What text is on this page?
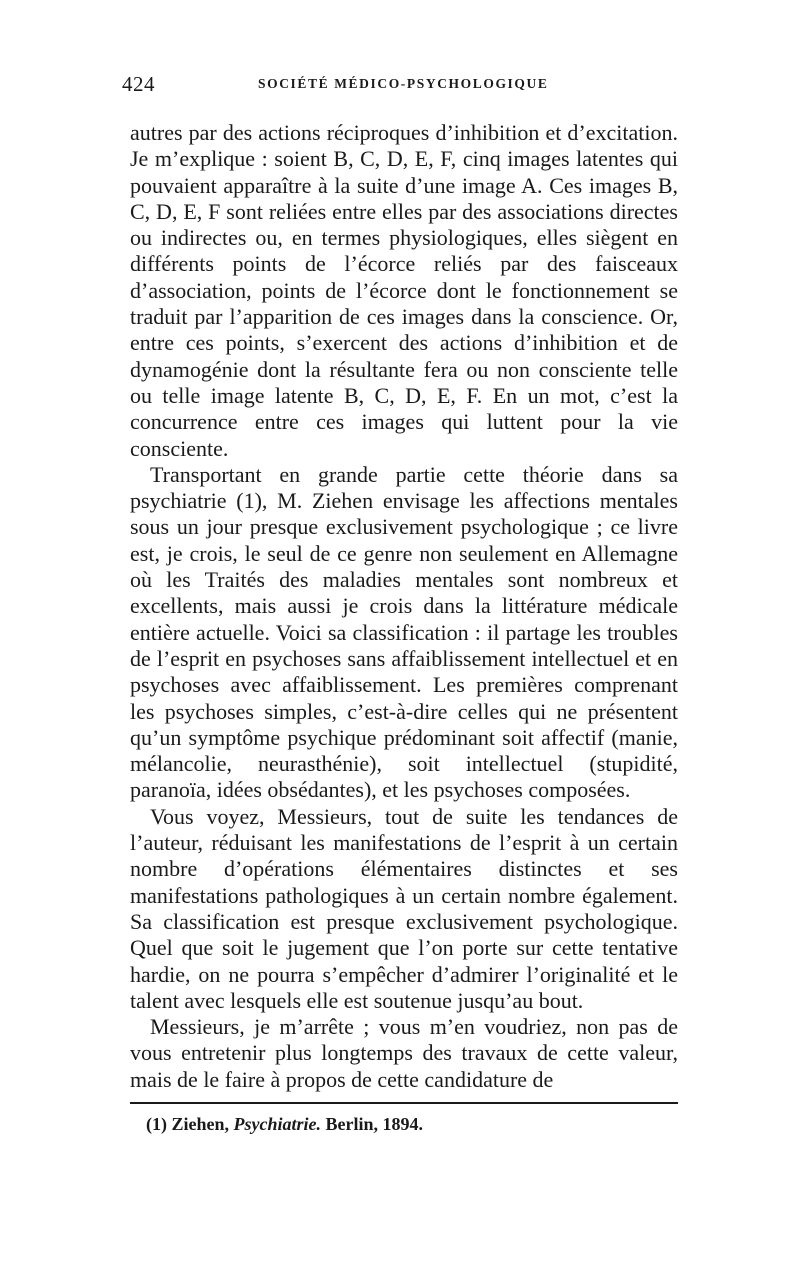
424	SOCIÉTÉ MÉDICO-PSYCHOLOGIQUE

autres par des actions réciproques d’inhibition et d’excitation. Je m’explique : soient B, C, D, E, F, cinq images latentes qui pouvaient apparaître à la suite d’une image A. Ces images B, C, D, E, F sont reliées entre elles par des associations directes ou indirectes ou, en termes physiologiques, elles siègent en différents points de l’écorce reliés par des faisceaux d’association, points de l’écorce dont le fonctionnement se traduit par l’apparition de ces images dans la conscience. Or, entre ces points, s’exercent des actions d’inhibition et de dynamogénie dont la résultante fera ou non consciente telle ou telle image latente B, C, D, E, F. En un mot, c’est la concurrence entre ces images qui luttent pour la vie consciente.

Transportant en grande partie cette théorie dans sa psychiatrie (1), M. Ziehen envisage les affections mentales sous un jour presque exclusivement psychologique ; ce livre est, je crois, le seul de ce genre non seulement en Allemagne où les Traités des maladies mentales sont nombreux et excellents, mais aussi je crois dans la littérature médicale entière actuelle. Voici sa classification : il partage les troubles de l’esprit en psychoses sans affaiblissement intellectuel et en psychoses avec affaiblissement. Les premières comprenant les psychoses simples, c’est-à-dire celles qui ne présentent qu’un symptôme psychique prédominant soit affectif (manie, mélancolie, neurasthénie), soit intellectuel (stupidité, paranoïa, idées obsédantes), et les psychoses composées.

Vous voyez, Messieurs, tout de suite les tendances de l’auteur, réduisant les manifestations de l’esprit à un certain nombre d’opérations élémentaires distinctes et ses manifestations pathologiques à un certain nombre également. Sa classification est presque exclusivement psychologique. Quel que soit le jugement que l’on porte sur cette tentative hardie, on ne pourra s’empêcher d’admirer l’originalité et le talent avec lesquels elle est soutenue jusqu’au bout.

Messieurs, je m’arrête ; vous m’en voudriez, non pas de vous entretenir plus longtemps des travaux de cette valeur, mais de le faire à propos de cette candidature de

(1) Ziehen, Psychiatrie. Berlin, 1894.
